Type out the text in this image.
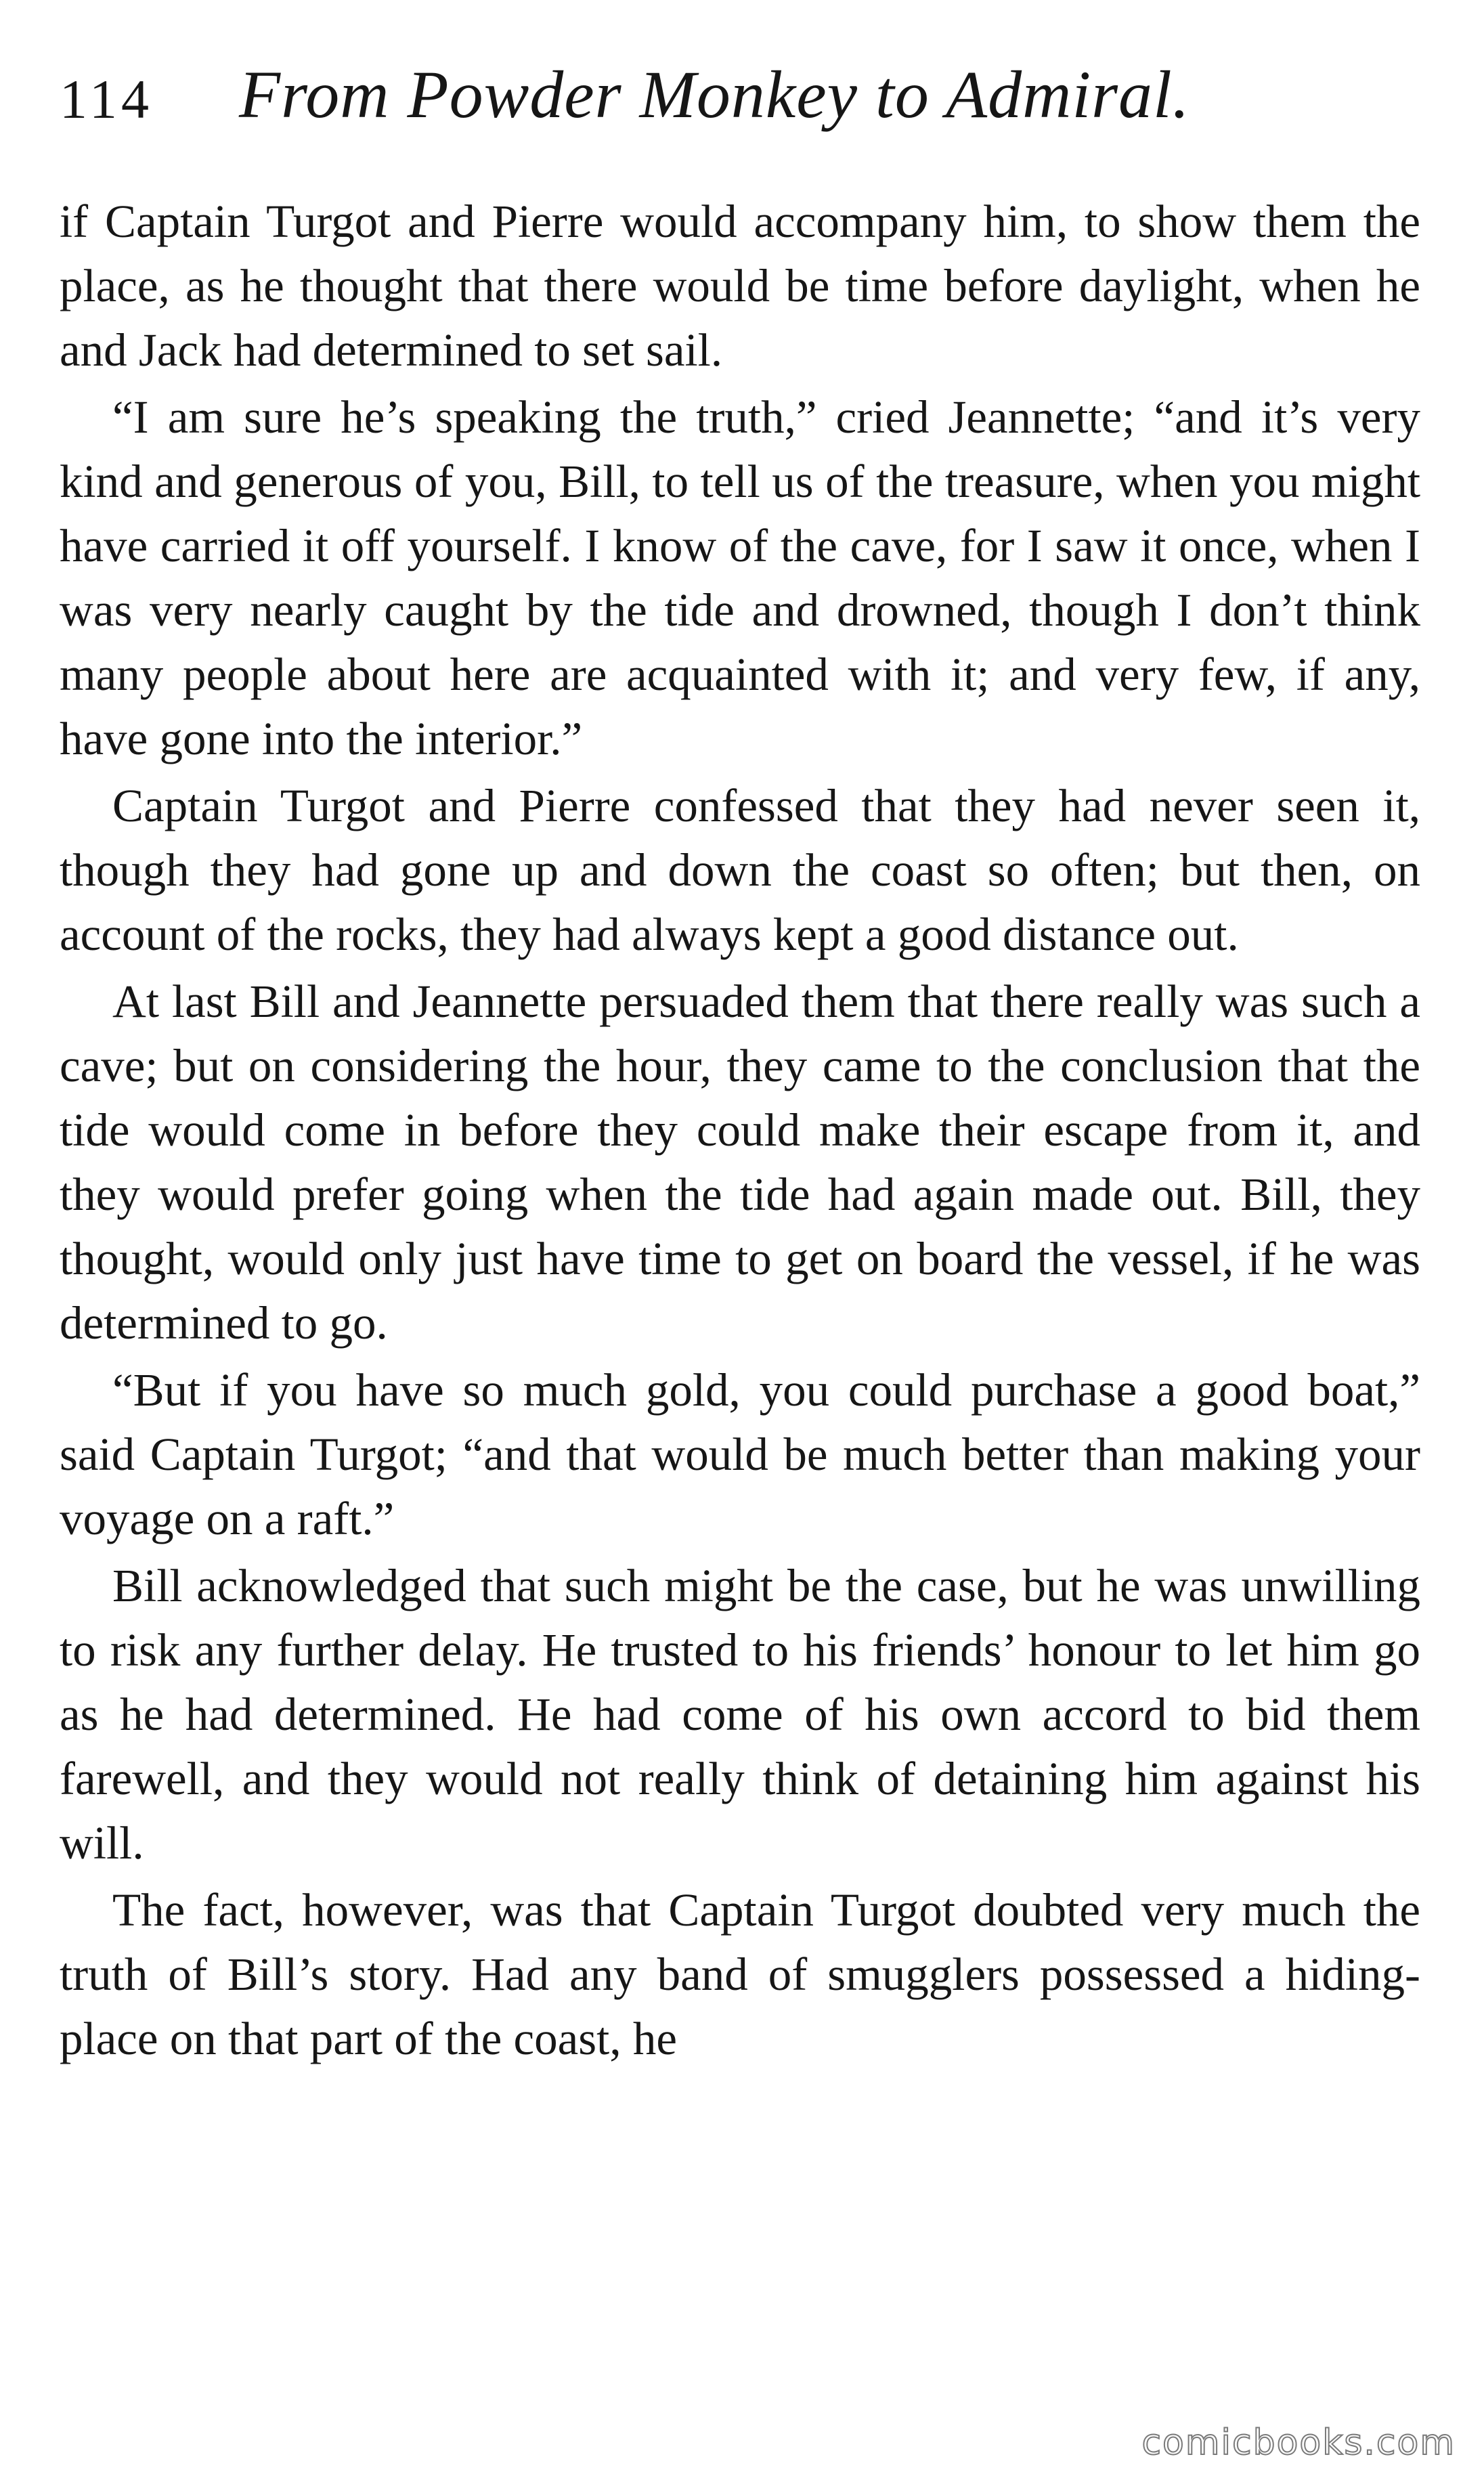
114 From Powder Monkey to Admiral.

if Captain Turgot and Pierre would accompany him, to show them the place, as he thought that there would be time before daylight, when he and Jack had determined to set sail.

“I am sure he’s speaking the truth,” cried Jeannette; “and it’s very kind and generous of you, Bill, to tell us of the treasure, when you might have carried it off yourself. I know of the cave, for I saw it once, when I was very nearly caught by the tide and drowned, though I don’t think many people about here are acquainted with it; and very few, if any, have gone into the interior.”

Captain Turgot and Pierre confessed that they had never seen it, though they had gone up and down the coast so often; but then, on account of the rocks, they had always kept a good distance out.

At last Bill and Jeannette persuaded them that there really was such a cave; but on considering the hour, they came to the conclusion that the tide would come in before they could make their escape from it, and they would prefer going when the tide had again made out. Bill, they thought, would only just have time to get on board the vessel, if he was determined to go.

“But if you have so much gold, you could purchase a good boat,” said Captain Turgot; “and that would be much better than making your voyage on a raft.”

Bill acknowledged that such might be the case, but he was unwilling to risk any further delay. He trusted to his friends’ honour to let him go as he had determined. He had come of his own accord to bid them farewell, and they would not really think of detaining him against his will.

The fact, however, was that Captain Turgot doubted very much the truth of Bill’s story. Had any band of smugglers possessed a hiding-place on that part of the coast, he

comicbooks.com
